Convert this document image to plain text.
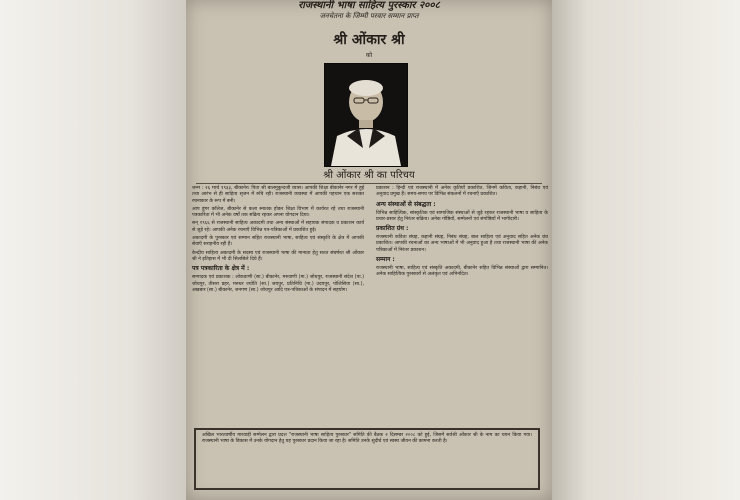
राजस्थानी भाषा साहित्य पुरस्कार २००८
जनचेतना के जिम्मी परवार सम्मान प्राप्त
श्री ओंकार श्री
को
श्री ओंकार श्री का परिचय

जन्म : २६ मार्च १९३३, बीकानेर। पिता श्री बालमुकुन्दजी व्यास। आपकी शिक्षा बीकानेर नगर में हुई तथा आरंभ से ही साहित्य सृजन में रुचि रही। राजस्थानी व्यवस्था में आपकी पहचान एक सशक्त रचनाकार के रूप में बनी।

आप डूंगर कॉलेज, बीकानेर से कला स्नातक होकर शिक्षा विभाग में कार्यरत रहे तथा राजस्थानी पत्रकारिता में भी अनेक वर्षों तक सक्रिय रहकर अपना योगदान दिया।

सन् १९६६ से राजस्थानी साहित्य अकादमी तथा अन्य संस्थाओं में सहायक संपादक व प्रकाशन कार्य से जुड़े रहे। आपकी अनेक रचनाएँ विभिन्न पत्र-पत्रिकाओं में प्रकाशित हुई।

अकादमी के पुरस्कार एवं सम्मान सहित राजस्थानी भाषा, साहित्य एवं संस्कृति के क्षेत्र में आपकी सेवाएँ सराहनीय रही हैं।

केन्द्रीय साहित्य अकादमी के सदस्य एवं राजस्थानी भाषा की मान्यता हेतु सतत संघर्षरत श्री ओंकार श्री ने इतिहास में भी दी सिलसिले दिये हैं।

पत्र पत्रकारिता के क्षेत्र में :

सम्पादक एवं प्रकाशक : लोकवाणी (सा.) बीकानेर, मरुवाणी (मा.) जोधपुर, राजस्थानी संदेश (पा.) जोधपुर, तीसरा प्रहर, मरुधर ज्योति (सा.) जयपुर, प्रतिनिधि (मा.) उदयपुर, पोलिसिया (सा.), अखबार (सा.) बीकानेर, जनगण (सा.) जोधपुर आदि पत्र-पत्रिकाओं के संपादन में सहयोग।

प्रकाशन : हिन्दी एवं राजस्थानी में अनेक कृतियाँ प्रकाशित, जिनमें कविता, कहानी, निबंध एवं अनुवाद प्रमुख हैं। समय-समय पर विभिन्न संकलनों में रचनाएँ प्रकाशित।

अन्य संस्थाओं से संबद्धता :

विभिन्न साहित्यिक, सांस्कृतिक एवं सामाजिक संस्थाओं से जुड़े रहकर राजस्थानी भाषा व साहित्य के प्रचार-प्रसार हेतु निरंतर सक्रिय। अनेक गोष्ठियों, सम्मेलनों एवं संगोष्ठियों में भागीदारी।

प्रकाशित ग्रंथ :

राजस्थानी कविता संग्रह, कहानी संग्रह, निबंध संग्रह, बाल साहित्य एवं अनुवाद सहित अनेक ग्रंथ प्रकाशित। आपकी रचनाओं का अन्य भाषाओं में भी अनुवाद हुआ है तथा राजस्थानी भाषा की अनेक पत्रिकाओं में निरंतर प्रकाशन।

सम्मान :

राजस्थानी भाषा, साहित्य एवं संस्कृति अकादमी, बीकानेर सहित विभिन्न संस्थाओं द्वारा सम्मानित। अनेक साहित्यिक पुरस्कारों से अलंकृत एवं अभिनंदित।

अखिल भारतवर्षीय मारवाड़ी सम्मेलन द्वारा प्रदत्त "राजस्थानी भाषा साहित्य पुरस्कार" समिति की बैठक २ दिसम्बर २००८ को हुई, जिसमें सर्वश्री ओंकार श्री के नाम का चयन किया गया। राजस्थानी भाषा के विकास में उनके योगदान हेतु यह पुरस्कार प्रदान किया जा रहा है। समिति उनके सुदीर्घ एवं स्वस्थ जीवन की कामना करती है।
